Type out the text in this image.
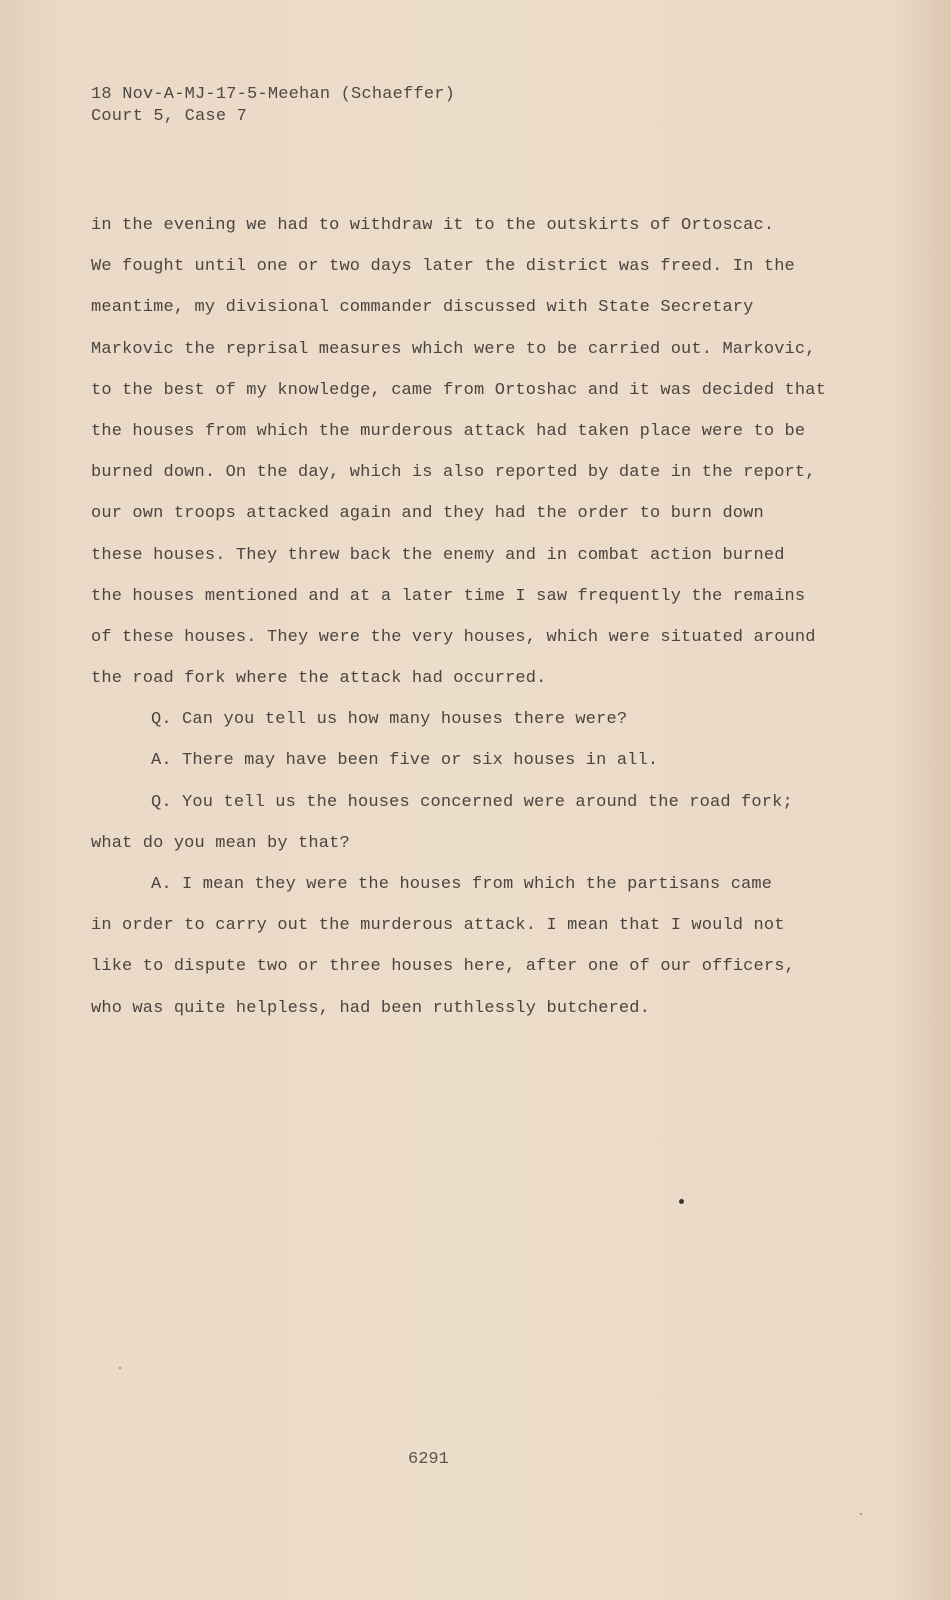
18 Nov-A-MJ-17-5-Meehan (Schaeffer)
Court 5, Case 7
in the evening we had to withdraw it to the outskirts of Ortoscac.
We fought until one or two days later the district was freed. In the
meantime, my divisional commander discussed with State Secretary
Markovic the reprisal measures which were to be carried out. Markovic,
to the best of my knowledge, came from Ortoshac and it was decided that
the houses from which the murderous attack had taken place were to be
burned down. On the day, which is also reported by date in the report,
our own troops attacked again and they had the order to burn down
these houses. They threw back the enemy and in combat action burned
the houses mentioned and at a later time I saw frequently the remains
of these houses. They were the very houses, which were situated around
the road fork where the attack had occurred.
Q. Can you tell us how many houses there were?
A. There may have been five or six houses in all.
Q. You tell us the houses concerned were around the road fork;
what do you mean by that?
A. I mean they were the houses from which the partisans came
in order to carry out the murderous attack. I mean that I would not
like to dispute two or three houses here, after one of our officers,
who was quite helpless, had been ruthlessly butchered.
6291
